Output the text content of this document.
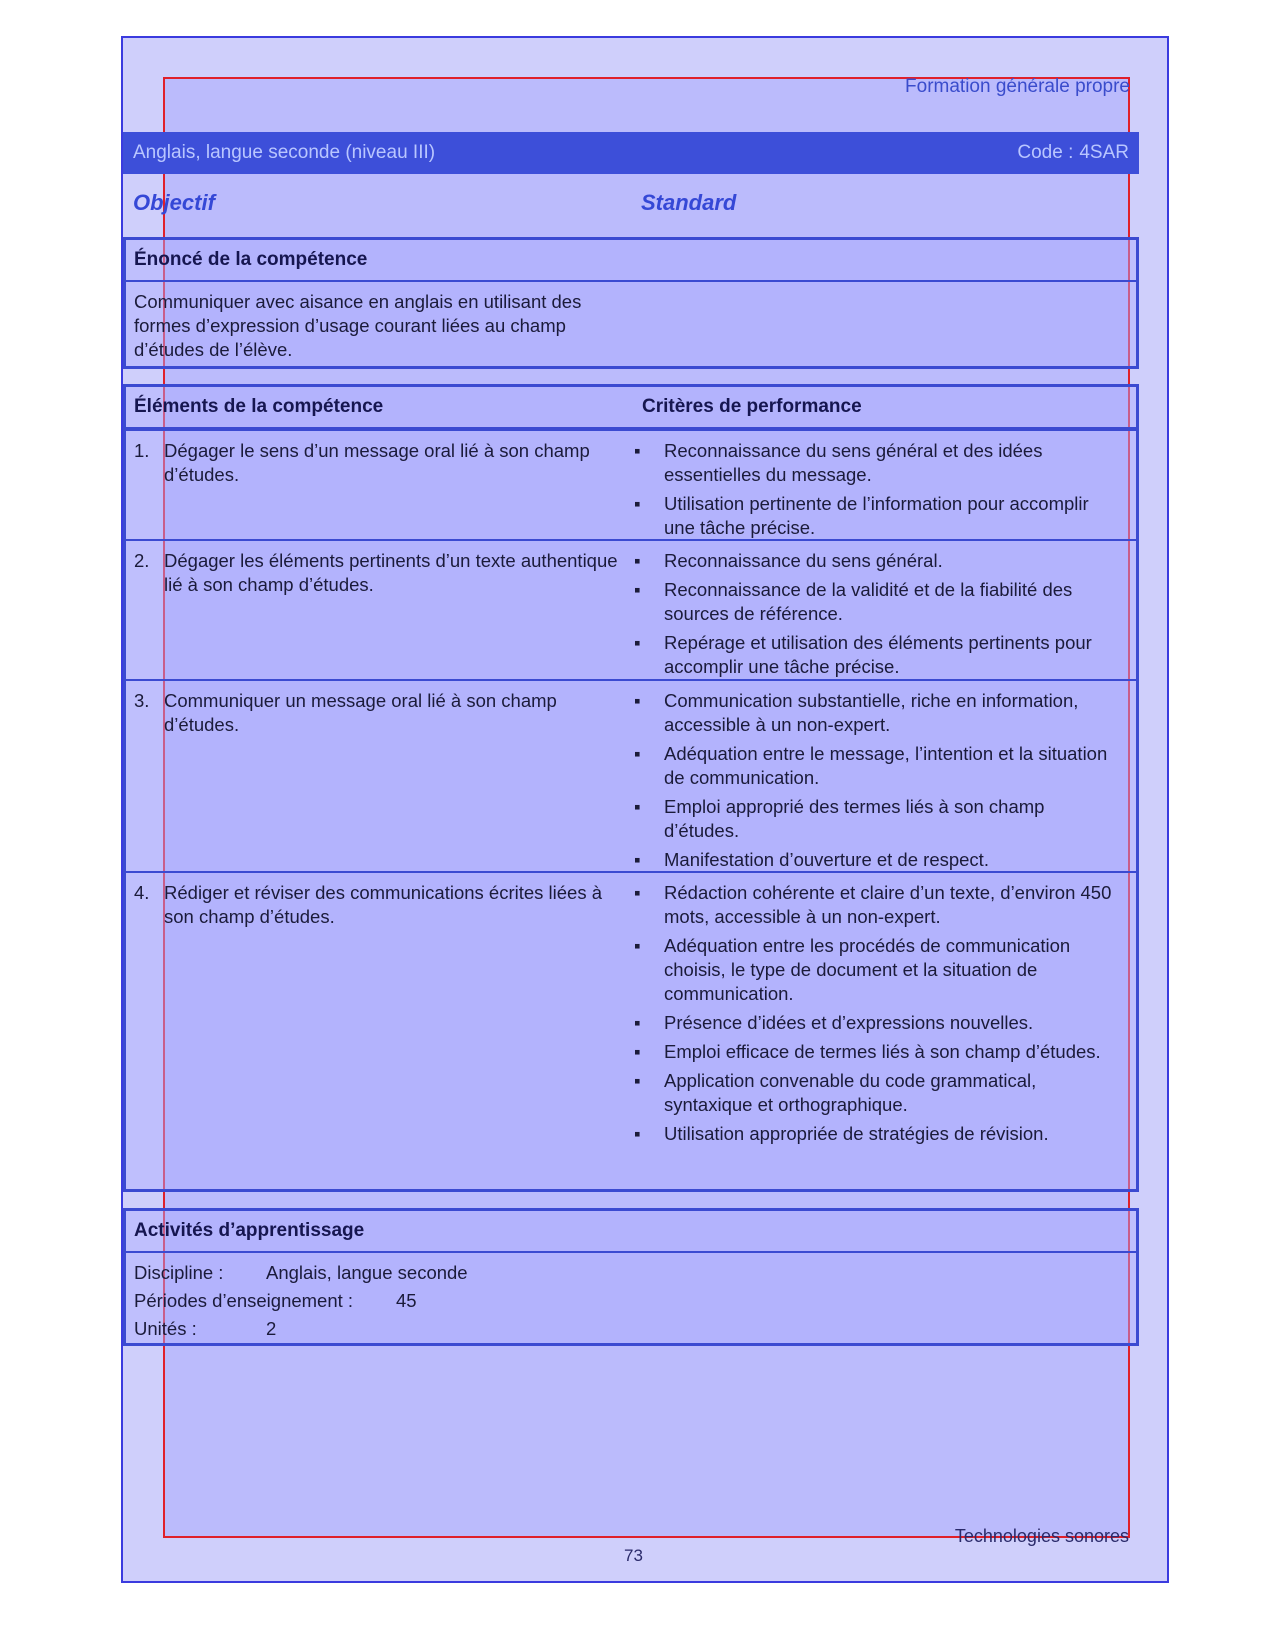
Formation générale propre
Anglais, langue seconde (niveau III)	Code : 4SAR
Objectif	Standard
Énoncé de la compétence
Communiquer avec aisance en anglais en utilisant des formes d’expression d’usage courant liées au champ d’études de l’élève.
Éléments de la compétence	Critères de performance
1. Dégager le sens d’un message oral lié à son champ d’études.
▪ Reconnaissance du sens général et des idées essentielles du message.
▪ Utilisation pertinente de l’information pour accomplir une tâche précise.
2. Dégager les éléments pertinents d’un texte authentique lié à son champ d’études.
▪ Reconnaissance du sens général.
▪ Reconnaissance de la validité et de la fiabilité des sources de référence.
▪ Repérage et utilisation des éléments pertinents pour accomplir une tâche précise.
3. Communiquer un message oral lié à son champ d’études.
▪ Communication substantielle, riche en information, accessible à un non-expert.
▪ Adéquation entre le message, l’intention et la situation de communication.
▪ Emploi approprié des termes liés à son champ d’études.
▪ Manifestation d’ouverture et de respect.
4. Rédiger et réviser des communications écrites liées à son champ d’études.
▪ Rédaction cohérente et claire d’un texte, d’environ 450 mots, accessible à un non-expert.
▪ Adéquation entre les procédés de communication choisis, le type de document et la situation de communication.
▪ Présence d’idées et d’expressions nouvelles.
▪ Emploi efficace de termes liés à son champ d’études.
▪ Application convenable du code grammatical, syntaxique et orthographique.
▪ Utilisation appropriée de stratégies de révision.
Activités d’apprentissage
Discipline : Anglais, langue seconde
Périodes d’enseignement : 45
Unités :	2
Technologies sonores
73
